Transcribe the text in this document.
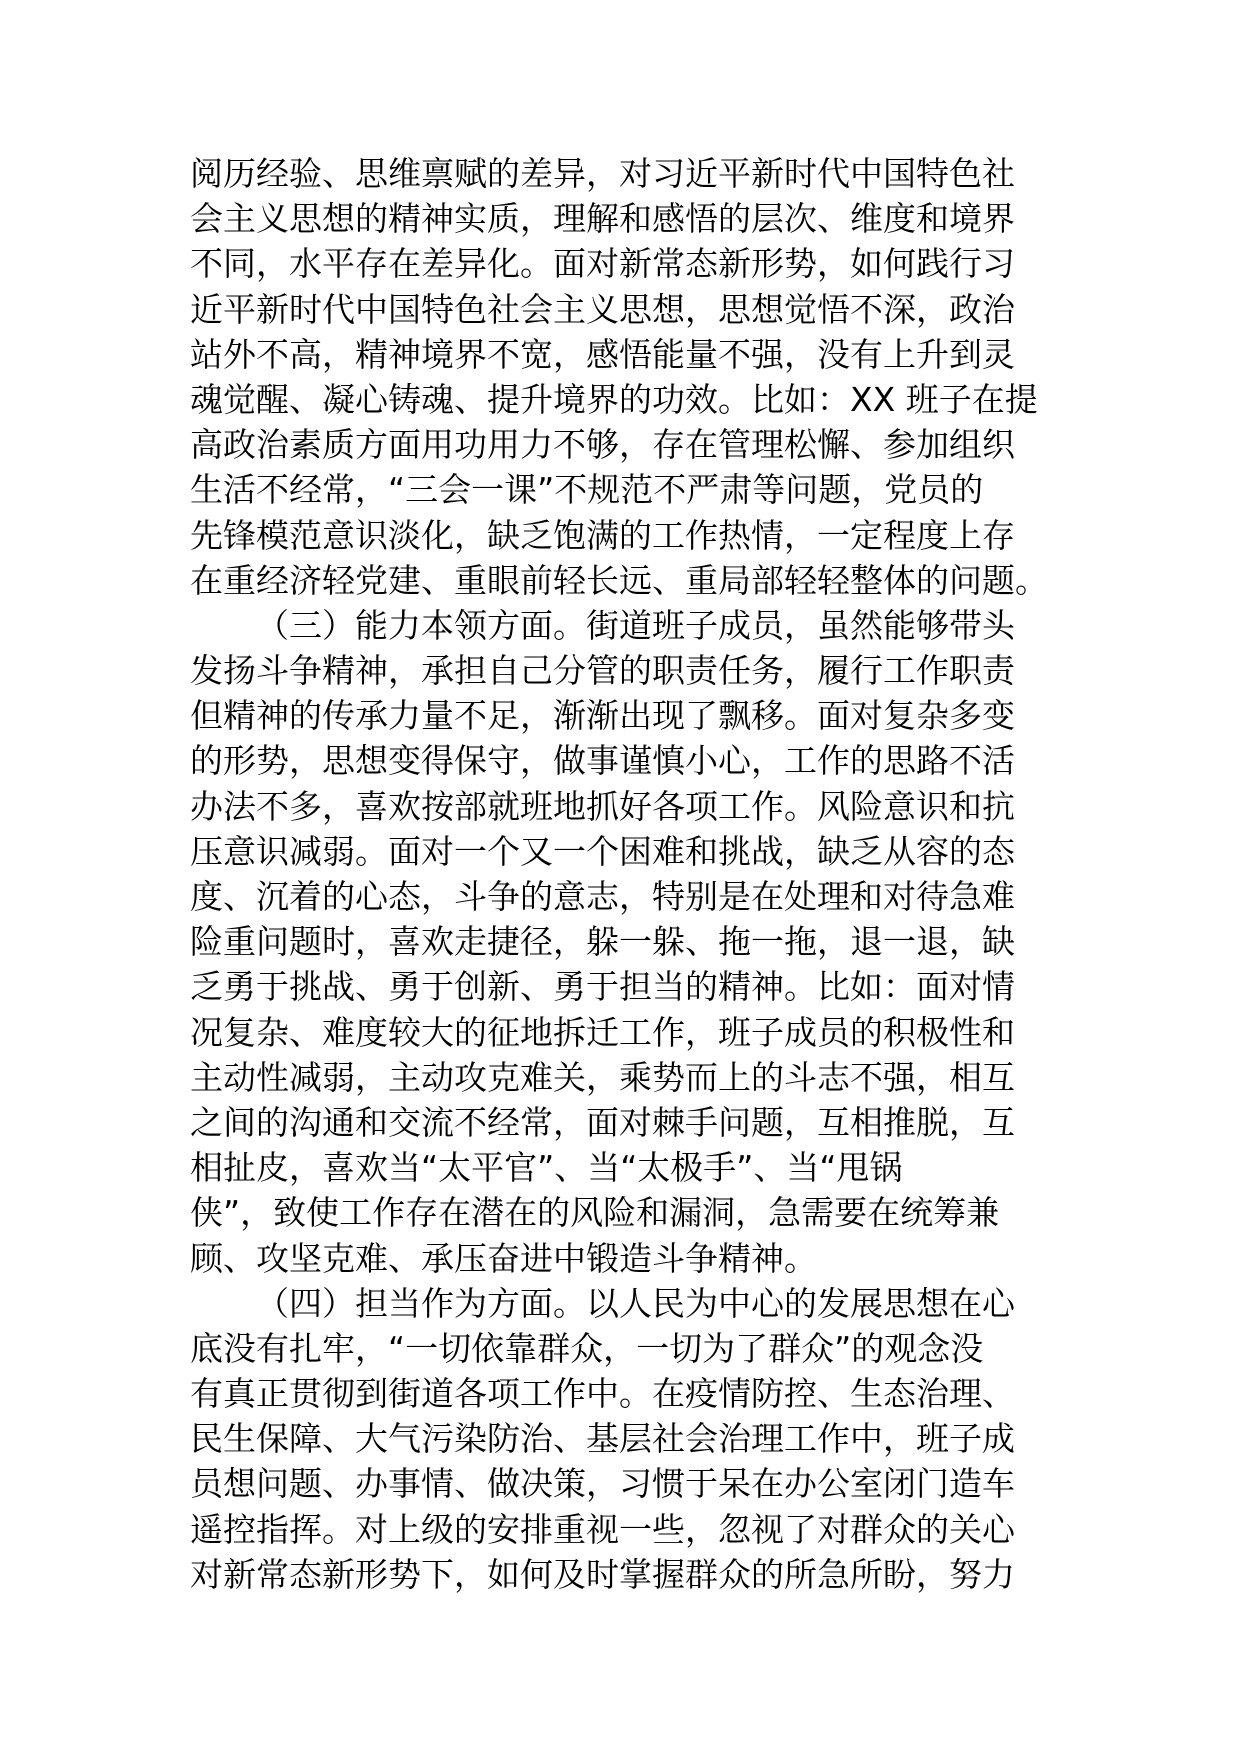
阅历经验、思维禀赋的差异，对习近平新时代中国特色社
会主义思想的精神实质，理解和感悟的层次、维度和境界
不同，水平存在差异化。面对新常态新形势，如何践行习
近平新时代中国特色社会主义思想，思想觉悟不深，政治
站外不高，精神境界不宽，感悟能量不强，没有上升到灵
魂觉醒、凝心铸魂、提升境界的功效。比如：XX 班子在提
高政治素质方面用功用力不够，存在管理松懈、参加组织
生活不经常，“三会一课”不规范不严肃等问题，党员的
先锋模范意识淡化，缺乏饱满的工作热情，一定程度上存
在重经济轻党建、重眼前轻长远、重局部轻轻整体的问题。
（三）能力本领方面。街道班子成员，虽然能够带头
发扬斗争精神，承担自己分管的职责任务，履行工作职责
但精神的传承力量不足，渐渐出现了飘移。面对复杂多变
的形势，思想变得保守，做事谨慎小心，工作的思路不活
办法不多，喜欢按部就班地抓好各项工作。风险意识和抗
压意识减弱。面对一个又一个困难和挑战，缺乏从容的态
度、沉着的心态，斗争的意志，特别是在处理和对待急难
险重问题时，喜欢走捷径，躲一躲、拖一拖，退一退，缺
乏勇于挑战、勇于创新、勇于担当的精神。比如：面对情
况复杂、难度较大的征地拆迁工作，班子成员的积极性和
主动性减弱，主动攻克难关，乘势而上的斗志不强，相互
之间的沟通和交流不经常，面对棘手问题，互相推脱，互
相扯皮，喜欢当“太平官”、当“太极手”、当“甩锅
侠”，致使工作存在潜在的风险和漏洞，急需要在统筹兼
顾、攻坚克难、承压奋进中锻造斗争精神。
（四）担当作为方面。以人民为中心的发展思想在心
底没有扎牢，“一切依靠群众，一切为了群众”的观念没
有真正贯彻到街道各项工作中。在疫情防控、生态治理、
民生保障、大气污染防治、基层社会治理工作中，班子成
员想问题、办事情、做决策，习惯于呆在办公室闭门造车
遥控指挥。对上级的安排重视一些，忽视了对群众的关心
对新常态新形势下，如何及时掌握群众的所急所盼，努力
